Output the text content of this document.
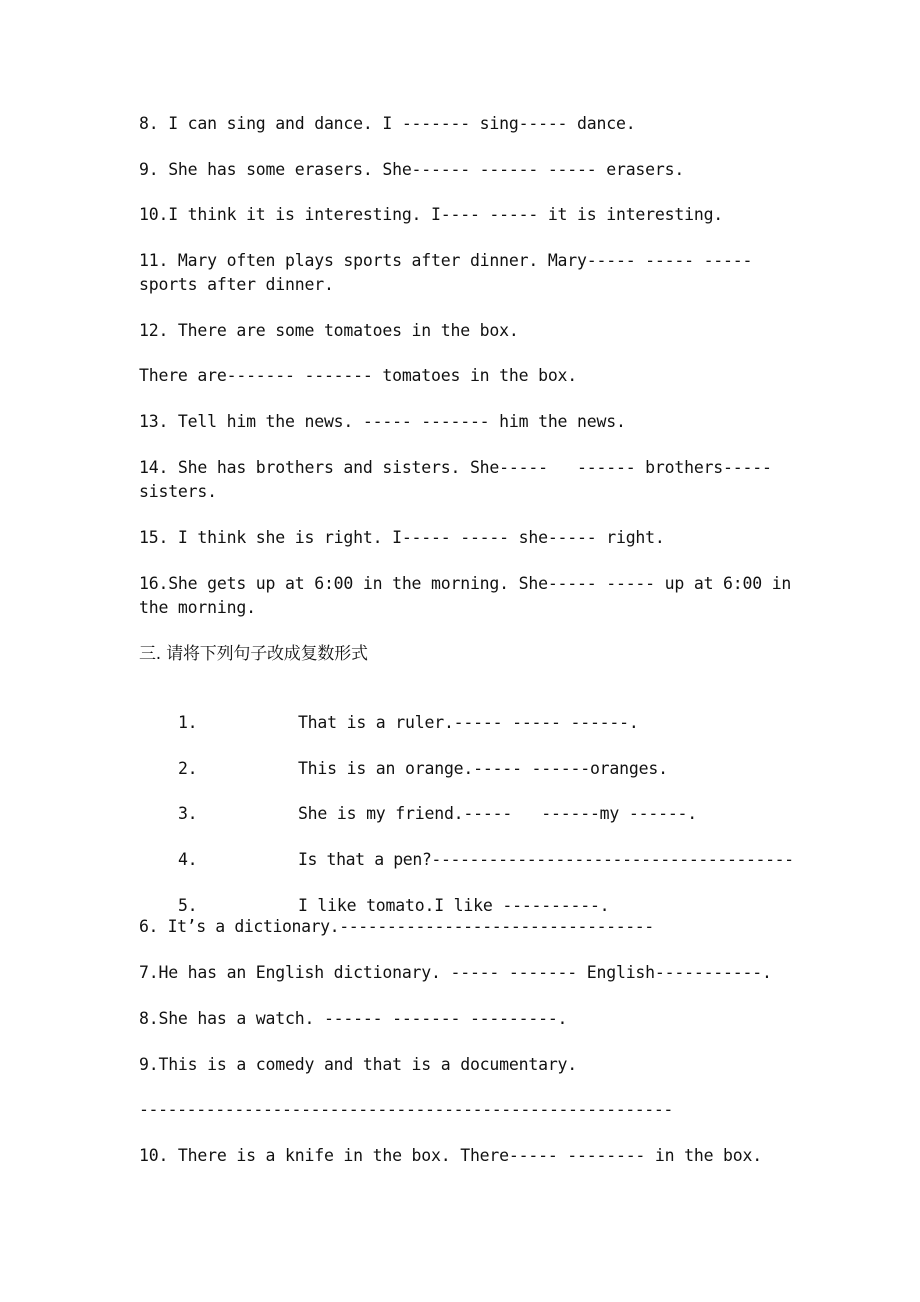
8. I can sing and dance. I ------- sing----- dance.
9. She has some erasers. She------ ------ ----- erasers.
10.I think it is interesting. I---- ----- it is interesting.
11. Mary often plays sports after dinner. Mary----- ----- ----- sports after dinner.
12. There are some tomatoes in the box.
There are------- ------- tomatoes in the box.
13. Tell him the news. ----- ------- him the news.
14. She has brothers and sisters. She-----   ------ brothers----- sisters.
15. I think she is right. I----- ----- she----- right.
16.She gets up at 6:00 in the morning. She----- ----- up at 6:00 in the morning.
三. 请将下列句子改成复数形式

1.	That is a ruler.----- ----- ------.

2.	This is an orange.----- ------oranges.

3.	She is my friend.-----   ------my ------.

4.	Is that a pen?--------------------------------------

5.	I like tomato.I like ----------.

6. It’s a dictionary.---------------------------------
7.He has an English dictionary. ----- ------- English-----------.
8.She has a watch. ------ ------- ---------.
9.This is a comedy and that is a documentary.
--------------------------------------------------------
10. There is a knife in the box. There----- -------- in the box.
